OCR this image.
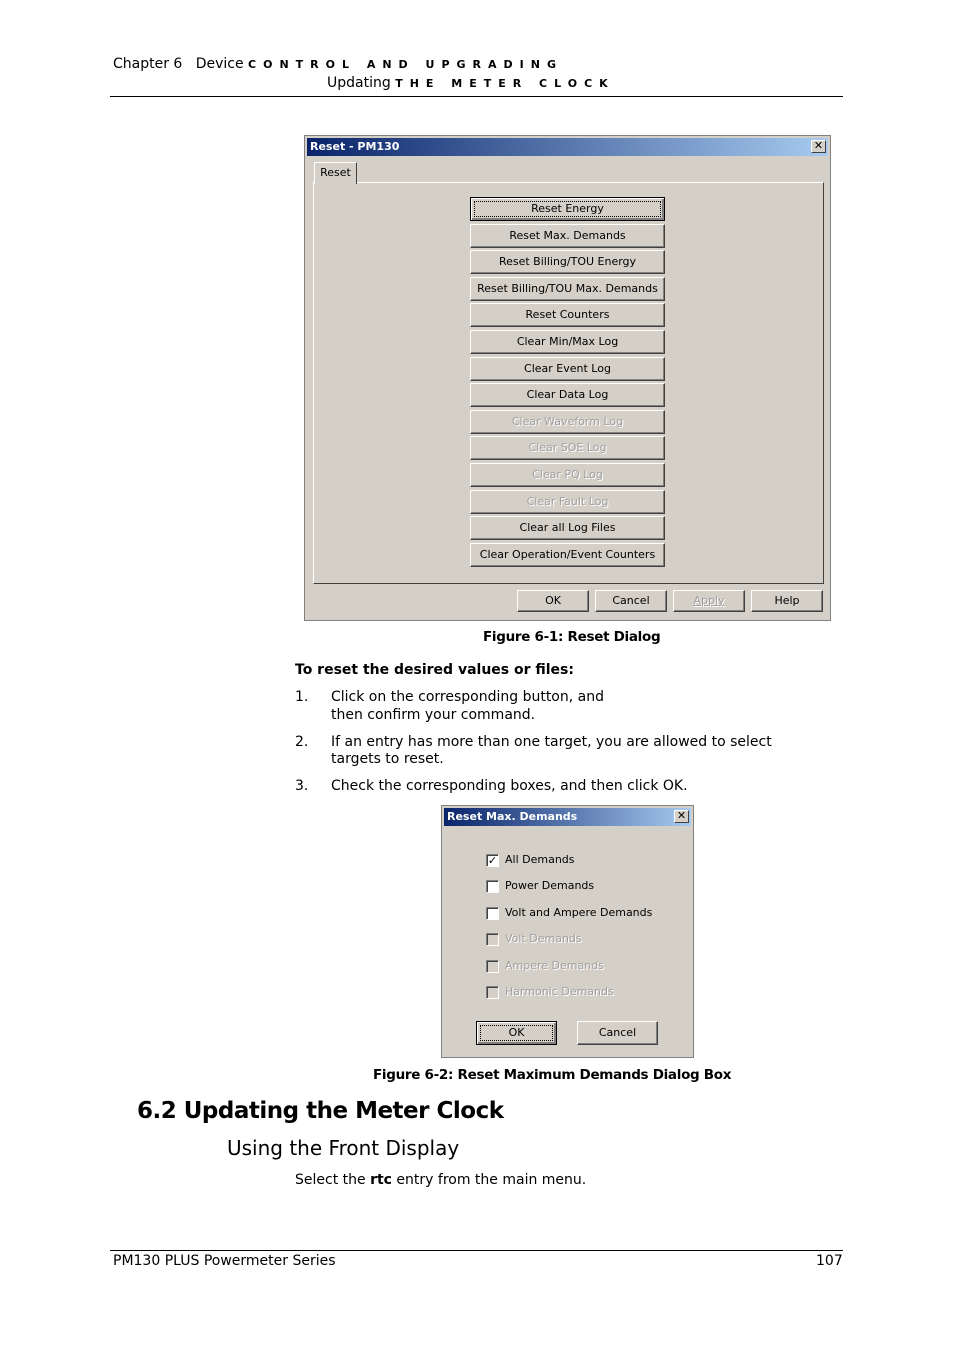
Chapter 6 Device CONTROL AND UPGRADING
Updating THE METER CLOCK
Reset - PM130	✕
Reset
Reset Energy
Reset Max. Demands
Reset Billing/TOU Energy
Reset Billing/TOU Max. Demands
Reset Counters
Clear Min/Max Log
Clear Event Log
Clear Data Log
Clear Waveform Log
Clear SOE Log
Clear PQ Log
Clear Fault Log
Clear all Log Files
Clear Operation/Event Counters
OK	Cancel	Apply	Help
Figure 6-1: Reset Dialog
To reset the desired values or files:
1. Click on the corresponding button, and
then confirm your command.
2. If an entry has more than one target, you are allowed to select
targets to reset.
3. Check the corresponding boxes, and then click OK.
Reset Max. Demands	✕
✓ All Demands
Power Demands
Volt and Ampere Demands
Volt Demands
Ampere Demands
Harmonic Demands
OK	Cancel
Figure 6-2: Reset Maximum Demands Dialog Box
6.2 Updating the Meter Clock
Using the Front Display
Select the rtc entry from the main menu.
PM130 PLUS Powermeter Series	107
